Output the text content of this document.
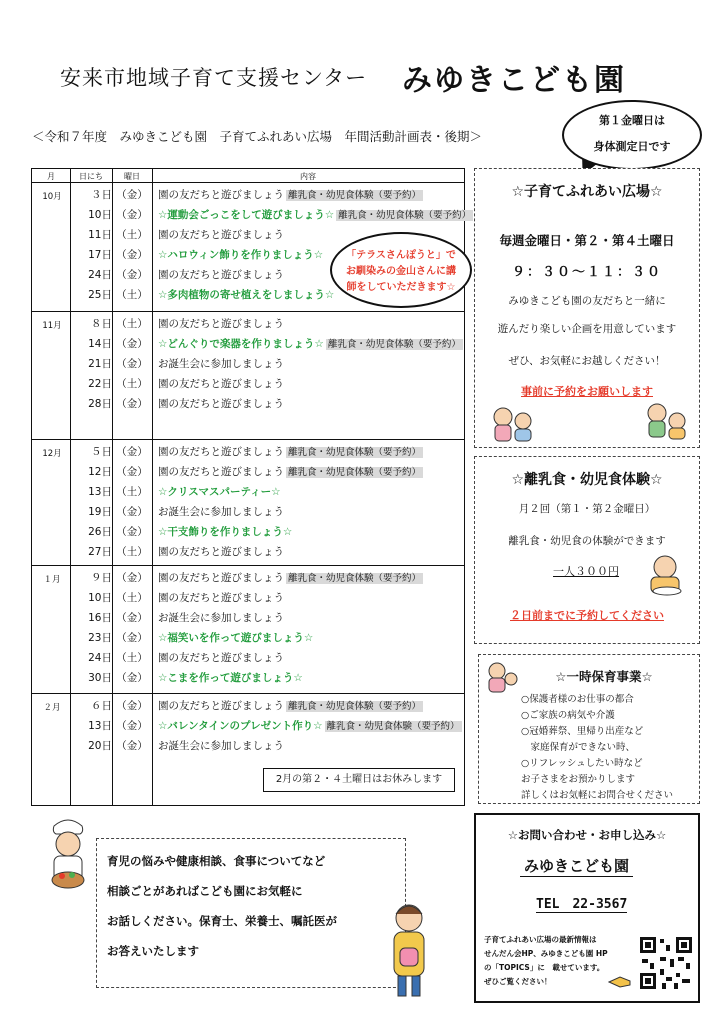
安来市地域子育て支援センター みゆきこども園
＜令和７年度　みゆきこども園　子育てふれあい広場　年間活動計画表・後期＞
第１金曜日は
身体測定日です
月	日にち	曜日	内容
10月	３日 （金） 園の友だちと遊びましょう 離乳食・幼児食体験（要予約）
10日 （金） ☆運動会ごっこをして遊びましょう☆ 離乳食・幼児食体験（要予約）
11日 （土） 園の友だちと遊びましょう
17日 （金） ☆ハロウィン飾りを作りましょう☆
24日 （金） 園の友だちと遊びましょう
25日 （土） ☆多肉植物の寄せ植えをしましょう☆
11月	８日 （土） 園の友だちと遊びましょう
14日 （金） ☆どんぐりで楽器を作りましょう☆ 離乳食・幼児食体験（要予約）
21日 （金） お誕生会に参加しましょう
22日 （土） 園の友だちと遊びましょう
28日 （金） 園の友だちと遊びましょう
12月	５日 （金） 園の友だちと遊びましょう 離乳食・幼児食体験（要予約）
12日 （金） 園の友だちと遊びましょう 離乳食・幼児食体験（要予約）
13日 （土） ☆クリスマスパーティー☆
19日 （金） お誕生会に参加しましょう
26日 （金） ☆干支飾りを作りましょう☆
27日 （土） 園の友だちと遊びましょう
１月	９日 （金） 園の友だちと遊びましょう 離乳食・幼児食体験（要予約）
10日 （土） 園の友だちと遊びましょう
16日 （金） お誕生会に参加しましょう
23日 （金） ☆福笑いを作って遊びましょう☆
24日 （土） 園の友だちと遊びましょう
30日 （金） ☆こまを作って遊びましょう☆
２月	６日 （金） 園の友だちと遊びましょう 離乳食・幼児食体験（要予約）
13日 （金） ☆バレンタインのプレゼント作り☆ 離乳食・幼児食体験（要予約）
20日 （金） お誕生会に参加しましょう
2月の第２・４土曜日はお休みします
「テラスさんぽうと」で
お馴染みの金山さんに講
師をしていただきます☆
☆子育てふれあい広場☆
毎週金曜日・第２・第４土曜日
９：３０～１１：３０
みゆきこども園の友だちと一緒に
遊んだり楽しい企画を用意しています
ぜひ、お気軽にお越しください！
事前に予約をお願いします
☆離乳食・幼児食体験☆
月２回（第１・第２金曜日）
離乳食・幼児食の体験ができます
一人３００円
２日前までに予約してください
☆一時保育事業☆
○保護者様のお仕事の都合
○ご家族の病気や介護
○冠婚葬祭、里帰り出産など
　家庭保育ができない時、
○リフレッシュしたい時など
お子さまをお預かりします
詳しくはお気軽にお問合せください
☆お問い合わせ・お申し込み☆
みゆきこども園
TEL　22-3567
子育てふれあい広場の最新情報は
せんだん会HP、みゆきこども園 HP
の「TOPICS」に　載せています。
ぜひご覧ください！
育児の悩みや健康相談、食事についてなど
相談ごとがあればこども園にお気軽に
お話しください。保育士、栄養士、嘱託医が
お答えいたします
